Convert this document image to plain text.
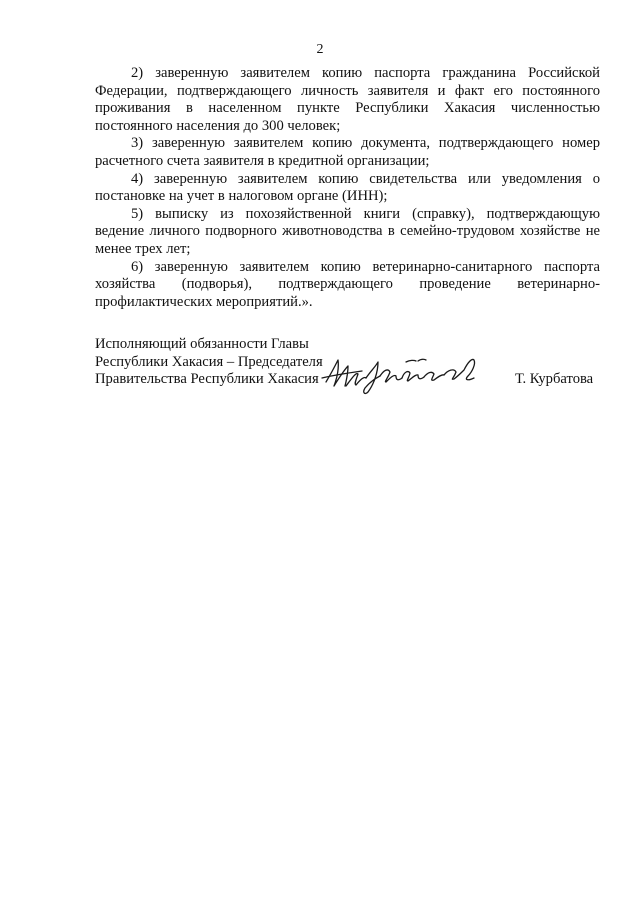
2

2) заверенную заявителем копию паспорта гражданина Российской Федерации, подтверждающего личность заявителя и факт его постоянного проживания в населенном пункте Республики Хакасия численностью постоянного населения до 300 человек;

3) заверенную заявителем копию документа, подтверждающего номер расчетного счета заявителя в кредитной организации;

4) заверенную заявителем копию свидетельства или уведомления о постановке на учет в налоговом органе (ИНН);

5) выписку из похозяйственной книги (справку), подтверждающую ведение личного подворного животноводства в семейно-трудовом хозяйстве не менее трех лет;

6) заверенную заявителем копию ветеринарно-санитарного паспорта хозяйства (подворья), подтверждающего проведение ветеринарно-профилактических мероприятий.».

Исполняющий обязанности Главы
Республики Хакасия – Председателя
Правительства Республики Хакасия	Т. Курбатова
